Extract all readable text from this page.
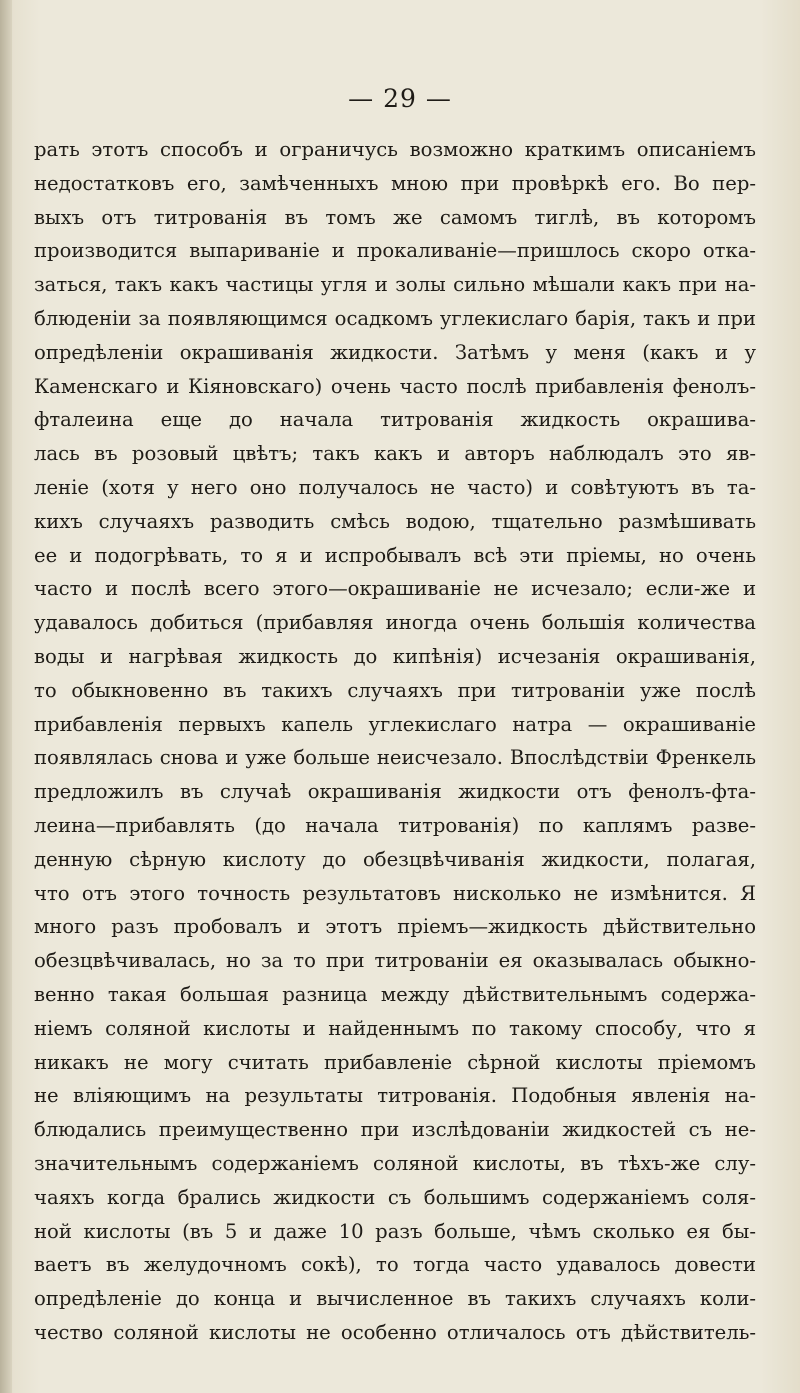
— 29 —
рать этотъ способъ и ограничусь возможно краткимъ описаніемъ
недостатковъ его, замѣченныхъ мною при провѣркѣ его. Во пер-
выхъ отъ титрованія въ томъ же самомъ тиглѣ, въ которомъ
производится выпариваніе и прокаливаніе—пришлось скоро отка-
заться, такъ какъ частицы угля и золы сильно мѣшали какъ при на-
блюденіи за появляющимся осадкомъ углекислаго барія, такъ и при
опредѣленіи окрашиванія жидкости. Затѣмъ у меня (какъ и у
Каменскаго и Кіяновскаго) очень часто послѣ прибавленія фенолъ-
фталеина еще до начала титрованія жидкость окрашива-
лась въ розовый цвѣтъ; такъ какъ и авторъ наблюдалъ это яв-
леніе (хотя у него оно получалось не часто) и совѣтуютъ въ та-
кихъ случаяхъ разводить смѣсь водою, тщательно размѣшивать
ее и подогрѣвать, то я и испробывалъ всѣ эти пріемы, но очень
часто и послѣ всего этого—окрашиваніе не исчезало; если-же и
удавалось добиться (прибавляя иногда очень большія количества
воды и нагрѣвая жидкость до кипѣнія) исчезанія окрашиванія,
то обыкновенно въ такихъ случаяхъ при титрованіи уже послѣ
прибавленія первыхъ капель углекислаго натра — окрашиваніе
появлялась снова и уже больше неисчезало. Впослѣдствіи Френкель
предложилъ въ случаѣ окрашиванія жидкости отъ фенолъ-фта-
леина—прибавлять (до начала титрованія) по каплямъ разве-
денную сѣрную кислоту до обезцвѣчиванія жидкости, полагая,
что отъ этого точность результатовъ нисколько не измѣнится. Я
много разъ пробовалъ и этотъ пріемъ—жидкость дѣйствительно
обезцвѣчивалась, но за то при титрованіи ея оказывалась обыкно-
венно такая большая разница между дѣйствительнымъ содержа-
ніемъ соляной кислоты и найденнымъ по такому способу, что я
никакъ не могу считать прибавленіе сѣрной кислоты пріемомъ
не вліяющимъ на результаты титрованія. Подобныя явленія на-
блюдались преимущественно при изслѣдованіи жидкостей съ не-
значительнымъ содержаніемъ соляной кислоты, въ тѣхъ-же слу-
чаяхъ когда брались жидкости съ большимъ содержаніемъ соля-
ной кислоты (въ 5 и даже 10 разъ больше, чѣмъ сколько ея бы-
ваетъ въ желудочномъ сокѣ), то тогда часто удавалось довести
опредѣленіе до конца и вычисленное въ такихъ случаяхъ коли-
чество соляной кислоты не особенно отличалось отъ дѣйствитель-
